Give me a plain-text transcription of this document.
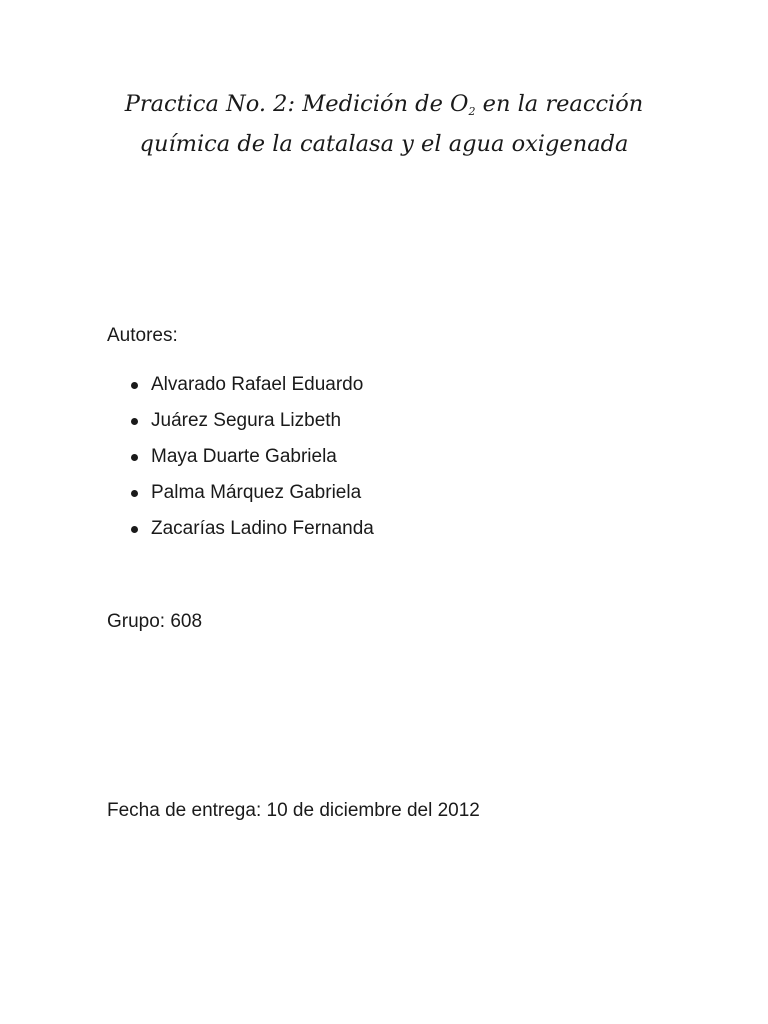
Practica No. 2: Medición de $O_2$ en la reacción
química de la catalasa y el agua oxigenada
Autores:
Alvarado Rafael Eduardo
Juárez Segura Lizbeth
Maya Duarte Gabriela
Palma Márquez Gabriela
Zacarías Ladino Fernanda
Grupo: 608
Fecha de entrega: 10 de diciembre del 2012
